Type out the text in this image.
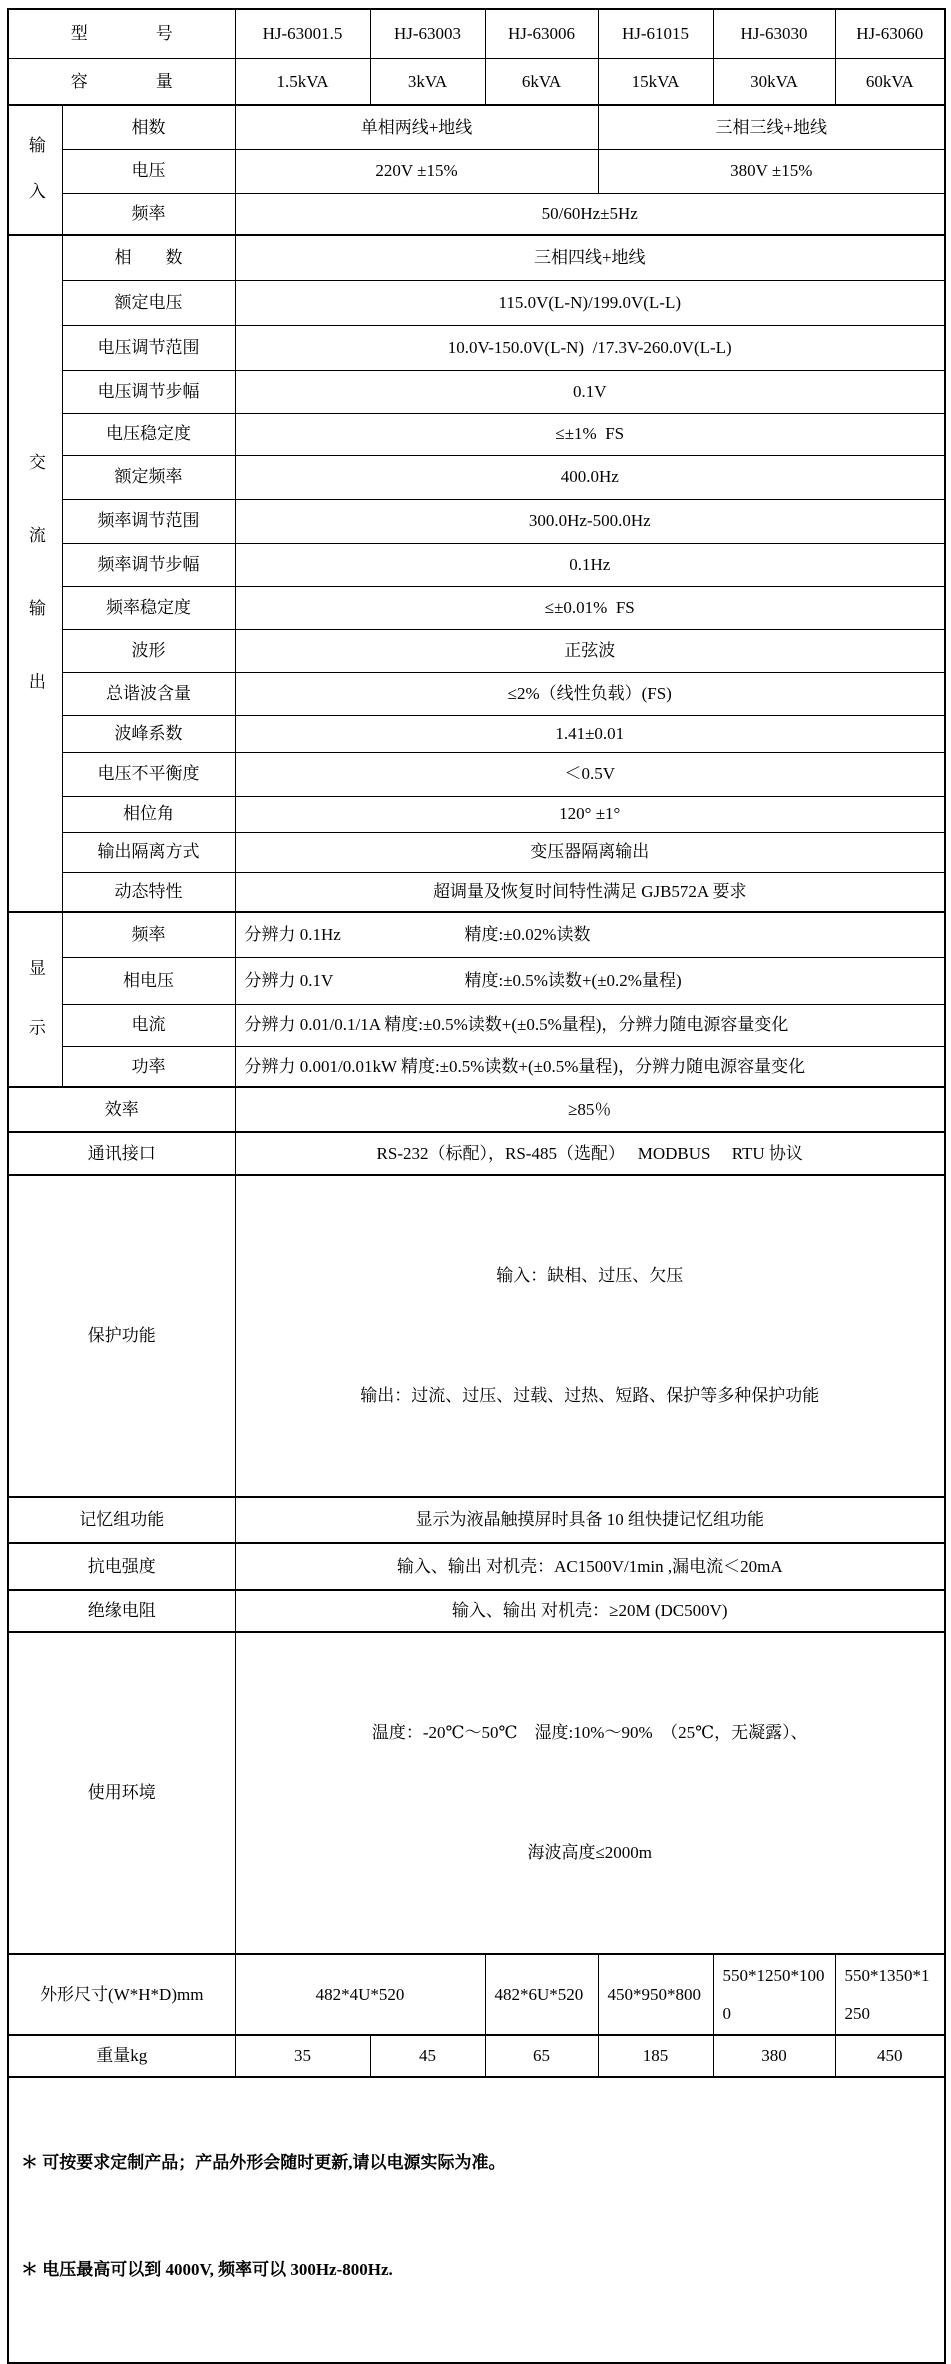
型　　　　号		HJ-63001.5	HJ-63003	HJ-63006	HJ-61015	HJ-63030	HJ-63060
容　　　　量		1.5kVA	3kVA	6kVA	15kVA	30kVA	60kVA
输入	相数	单相两线+地线			三相三线+地线		
	电压	220V ±15%			380V ±15%		
	频率	50/60Hz±5Hz					
交流输出	相　　数	三相四线+地线					
	额定电压	115.0V(L-N)/199.0V(L-L)					
	电压调节范围	10.0V-150.0V(L-N)  /17.3V-260.0V(L-L)					
	电压调节步幅	0.1V					
	电压稳定度	≤±1%  FS					
	额定频率	400.0Hz					
	频率调节范围	300.0Hz-500.0Hz					
	频率调节步幅	0.1Hz					
	频率稳定度	≤±0.01%  FS					
	波形	正弦波					
	总谐波含量	≤2%（线性负载）(FS)					
	波峰系数	1.41±0.01					
	电压不平衡度	＜0.5V					
	相位角	120° ±1°					
	输出隔离方式	变压器隔离输出					
	动态特性	超调量及恢复时间特性满足 GJB572A 要求					
显示	频率	分辨力 0.1Hz 精度:±0.02%读数					
	相电压	分辨力 0.1V 精度:±0.5%读数+(±0.2%量程)					
	电流	分辨力 0.01/0.1/1A 精度:±0.5%读数+(±0.5%量程)，分辨力随电源容量变化					
	功率	分辨力 0.001/0.01kW 精度:±0.5%读数+(±0.5%量程)，分辨力随电源容量变化					
效率		≥85％					
通讯接口		RS-232（标配），RS-485（选配）　 MODBUS　 RTU 协议					
保护功能		输入：缺相、过压、欠压

输出：过流、过压、过载、过热、短路、保护等多种保护功能					

记忆组功能		显示为液晶触摸屏时具备 10 组快捷记忆组功能					
抗电强度		输入、输出 对机壳：AC1500V/1min ,漏电流＜20mA					
绝缘电阻		输入、输出 对机壳：≥20M (DC500V)					
使用环境		温度：-20℃～50℃　湿度:10%～90%　（25℃，无凝露）、

海波高度≤2000m					

外形尺寸(W*H*D)mm		482*4U*520		482*6U*520	450*950*800	550*1250*1000	550*1350*1250
重量kg		35	45	65	185	380	450

＊ 可按要求定制产品；产品外形会随时更新,请以电源实际为准。

＊ 电压最高可以到 4000V, 频率可以 300Hz-800Hz.							
